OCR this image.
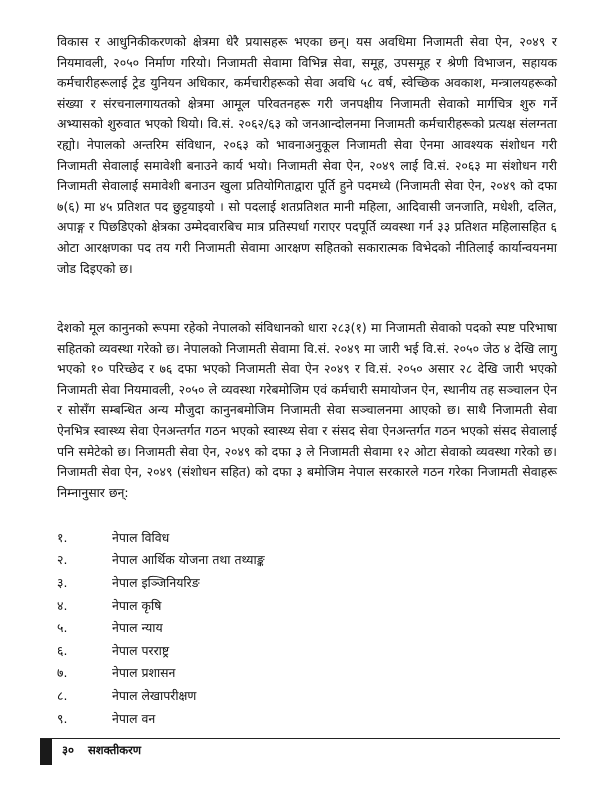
विकास र आधुनिकीकरणको क्षेत्रमा धेरै प्रयासहरू भएका छन्। यस अवधिमा निजामती सेवा ऐन, २०४९ र नियमावली, २०५० निर्माण गरियो। निजामती सेवामा विभिन्न सेवा, समूह, उपसमूह र श्रेणी विभाजन, सहायक कर्मचारीहरूलाई ट्रेड युनियन अधिकार, कर्मचारीहरूको सेवा अवधि ५८ वर्ष, स्वेच्छिक अवकाश, मन्त्रालयहरूको संख्या र संरचनालगायतको क्षेत्रमा आमूल परिवतनहरू गरी जनपक्षीय निजामती सेवाको मार्गचित्र शुरु गर्ने अभ्यासको शुरुवात भएको थियो। वि.सं. २०६२/६३ को जनआन्दोलनमा निजामती कर्मचारीहरूको प्रत्यक्ष संलग्नता रह्यो। नेपालको अन्तरिम संविधान, २०६३ को भावनाअनुकूल निजामती सेवा ऐनमा आवश्यक संशोधन गरी निजामती सेवालाई समावेशी बनाउने कार्य भयो। निजामती सेवा ऐन, २०४९ लाई वि.सं. २०६३ मा संशोधन गरी निजामती सेवालाई समावेशी बनाउन खुला प्रतियोगिताद्वारा पूर्ति हुने पदमध्ये (निजामती सेवा ऐन, २०४९ को दफा ७(६) मा ४५ प्रतिशत पद छुट्टयाइयो । सो पदलाई शतप्रतिशत मानी महिला, आदिवासी जनजाति, मधेशी, दलित, अपाङ्ग र पिछडिएको क्षेत्रका उम्मेदवारबिच मात्र प्रतिस्पर्धा गराएर पदपूर्ति व्यवस्था गर्न ३३ प्रतिशत महिलासहित ६ ओटा आरक्षणका पद तय गरी निजामती सेवामा आरक्षण सहितको सकारात्मक विभेदको नीतिलाई कार्यान्वयनमा जोड दिइएको छ।

देशको मूल कानुनको रूपमा रहेको नेपालको संविधानको धारा २८३(१) मा निजामती सेवाको पदको स्पष्ट परिभाषा सहितको व्यवस्था गरेको छ। नेपालको निजामती सेवामा वि.सं. २०४९ मा जारी भई वि.सं. २०५० जेठ ४ देखि लागु भएको १० परिच्छेद र ७६ दफा भएको निजामती सेवा ऐन २०४९ र वि.सं. २०५० असार २८ देखि जारी भएको निजामती सेवा नियमावली, २०५० ले व्यवस्था गरेबमोजिम एवं कर्मचारी समायोजन ऐन, स्थानीय तह सञ्चालन ऐन र सोसँग सम्बन्धित अन्य मौजुदा कानुनबमोजिम निजामती सेवा सञ्चालनमा आएको छ। साथै निजामती सेवा ऐनभित्र स्वास्थ्य सेवा ऐनअन्तर्गत गठन भएको स्वास्थ्य सेवा र संसद सेवा ऐनअन्तर्गत गठन भएको संसद सेवालाई पनि समेटेको छ। निजामती सेवा ऐन, २०४९ को दफा ३ ले निजामती सेवामा १२ ओटा सेवाको व्यवस्था गरेको छ। निजामती सेवा ऐन, २०४९ (संशोधन सहित) को दफा ३ बमोजिम नेपाल सरकारले गठन गरेका निजामती सेवाहरू निम्नानुसार छन्:

१.	नेपाल विविध
२.	नेपाल आर्थिक योजना तथा तथ्याङ्क
३.	नेपाल इञ्जिनियरिङ
४.	नेपाल कृषि
५.	नेपाल न्याय
६.	नेपाल परराष्ट्र
७.	नेपाल प्रशासन
८.	नेपाल लेखापरीक्षण
९.	नेपाल वन
३० सशक्तीकरण
